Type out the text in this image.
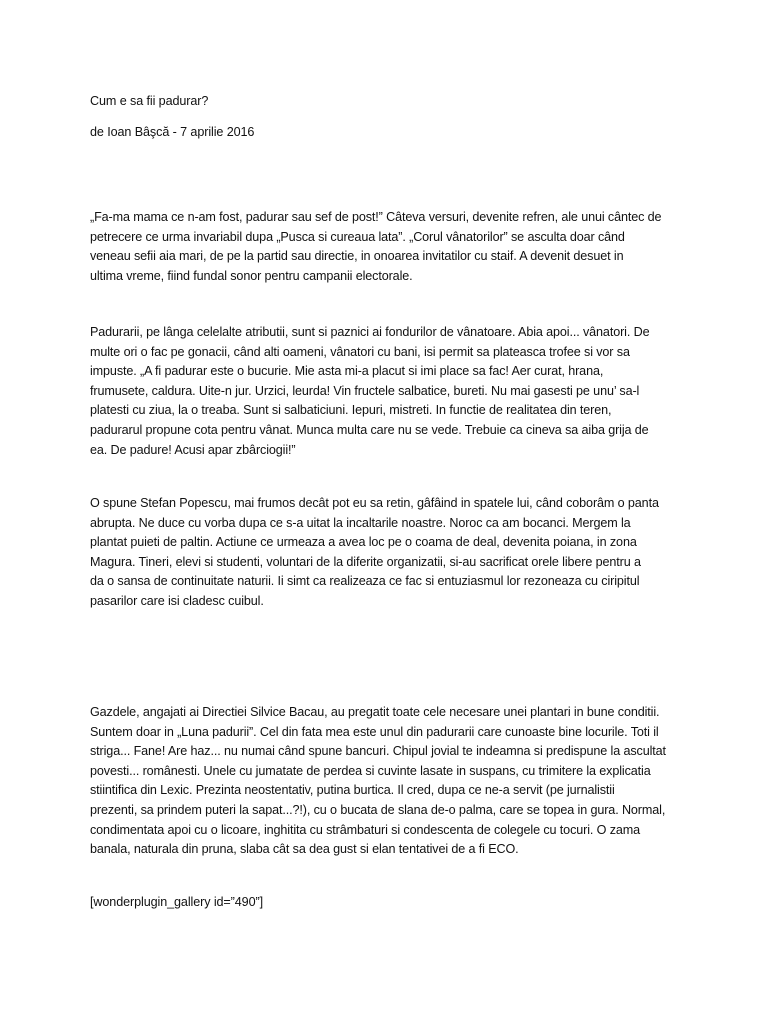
Cum e sa fii padurar?

de Ioan Bâşcă - 7 aprilie 2016

„Fa-ma mama ce n-am fost, padurar sau sef de post!” Câteva versuri, devenite refren, ale unui cântec de

petrecere ce urma invariabil dupa „Pusca si cureaua lata”. „Corul vânatorilor” se asculta doar când

veneau sefii aia mari, de pe la partid sau directie, in onoarea invitatilor cu staif. A devenit desuet in

ultima vreme, fiind fundal sonor pentru campanii electorale.

Padurarii, pe lânga celelalte atributii, sunt si paznici ai fondurilor de vânatoare. Abia apoi... vânatori. De

multe ori o fac pe gonacii, când alti oameni, vânatori cu bani, isi permit sa plateasca trofee si vor sa

impuste. „A fi padurar este o bucurie. Mie asta mi-a placut si imi place sa fac! Aer curat, hrana,

frumusete, caldura. Uite-n jur. Urzici, leurda! Vin fructele salbatice, bureti. Nu mai gasesti pe unu’ sa-l

platesti cu ziua, la o treaba. Sunt si salbaticiuni. Iepuri, mistreti. In functie de realitatea din teren,

padurarul propune cota pentru vânat. Munca multa care nu se vede. Trebuie ca cineva sa aiba grija de

ea. De padure! Acusi apar zbârciogii!”

O spune Stefan Popescu, mai frumos decât pot eu sa retin, gâfâind in spatele lui, când coborâm o panta

abrupta. Ne duce cu vorba dupa ce s-a uitat la incaltarile noastre. Noroc ca am bocanci. Mergem la

plantat puieti de paltin. Actiune ce urmeaza a avea loc pe o coama de deal, devenita poiana, in zona

Magura. Tineri, elevi si studenti, voluntari de la diferite organizatii, si-au sacrificat orele libere pentru a

da o sansa de continuitate naturii. Ii simt ca realizeaza ce fac si entuziasmul lor rezoneaza cu ciripitul

pasarilor care isi cladesc cuibul.

Gazdele, angajati ai Directiei Silvice Bacau, au pregatit toate cele necesare unei plantari in bune conditii.

Suntem doar in „Luna padurii”. Cel din fata mea este unul din padurarii care cunoaste bine locurile. Toti il

striga... Fane! Are haz... nu numai când spune bancuri. Chipul jovial te indeamna si predispune la ascultat

povesti... românesti. Unele cu jumatate de perdea si cuvinte lasate in suspans, cu trimitere la explicatia

stiintifica din Lexic. Prezinta neostentativ, putina burtica. Il cred, dupa ce ne-a servit (pe jurnalistii

prezenti, sa prindem puteri la sapat...?!), cu o bucata de slana de-o palma, care se topea in gura. Normal,

condimentata apoi cu o licoare, inghitita cu strâmbaturi si condescenta de colegele cu tocuri. O zama

banala, naturala din pruna, slaba cât sa dea gust si elan tentativei de a fi ECO.

[wonderplugin_gallery id=”490”]
